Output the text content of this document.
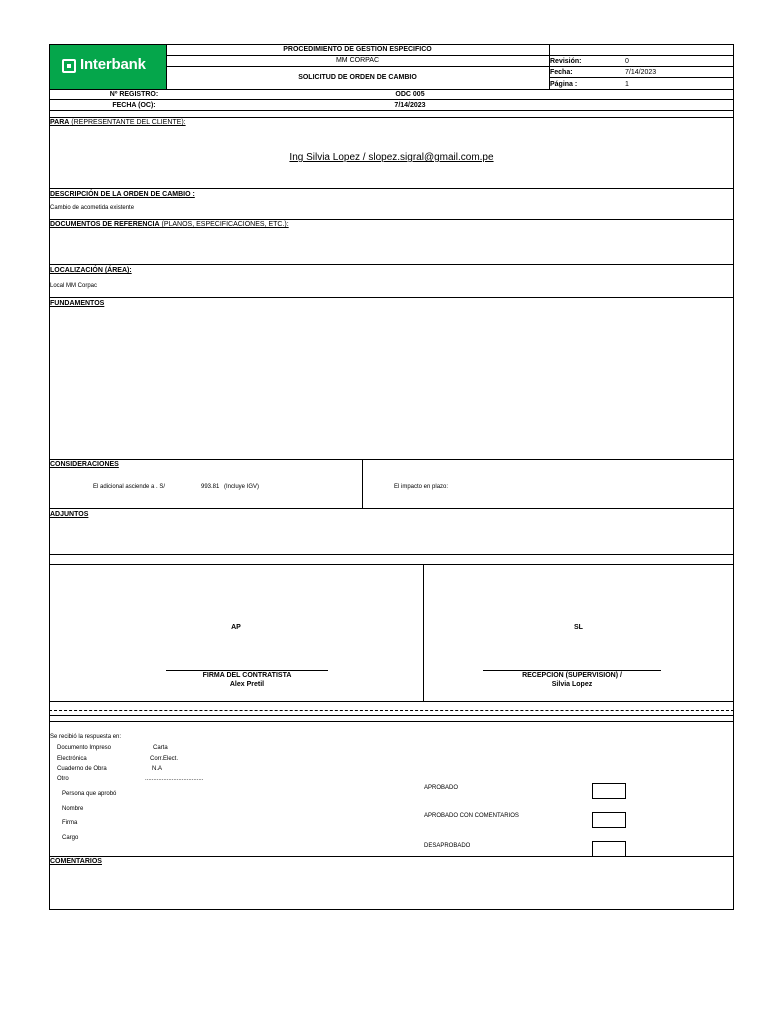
Interbank
PROCEDIMIENTO DE GESTION ESPECIFICO
MM CORPAC
SOLICITUD DE ORDEN DE CAMBIO
Revisión:	0
Fecha:	7/14/2023
Página :	1
Nº REGISTRO:	ODC 005
FECHA (OC):	7/14/2023
PARA (REPRESENTANTE DEL CLIENTE):
Ing Silvia Lopez / slopez.sigral@gmail.com.pe
DESCRIPCIÓN DE LA ORDEN DE CAMBIO :
Cambio de acometida existente
DOCUMENTOS DE REFERENCIA (PLANOS, ESPECIFICACIONES, ETC.):
LOCALIZACIÓN (ÁREA):
Local MM Corpac
FUNDAMENTOS
CONSIDERACIONES
El adicional asciende a . S/	993.81 (Incluye IGV)	El impacto en plazo:
ADJUNTOS
AP	SL
FIRMA DEL CONTRATISTA
Alex Pretil
RECEPCION (SUPERVISION) /
Silvia Lopez
Se recibió la respuesta en:
Documento Impreso	Carta
Electrónica	Corr.Elect.
Cuaderno de Obra	N.A
Otro	...................................
Persona que aprobó
Nombre
Firma
Cargo
APROBADO
APROBADO CON COMENTARIOS
DESAPROBADO
COMENTARIOS
